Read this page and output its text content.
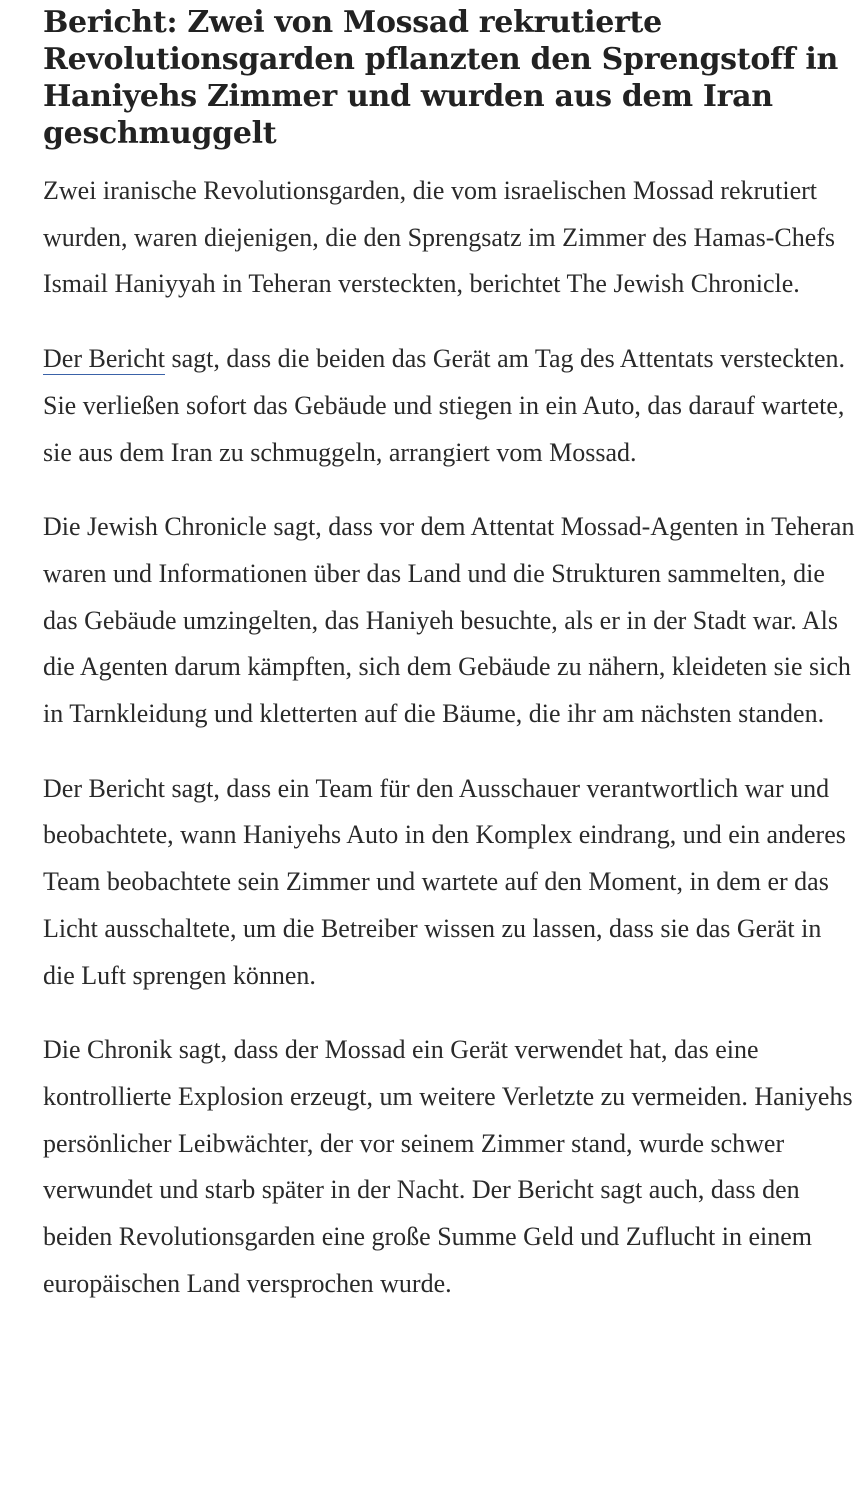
Bericht: Zwei von Mossad rekrutierte Revolutionsgarden pflanzten den Sprengstoff in Haniyehs Zimmer und wurden aus dem Iran geschmuggelt

Zwei iranische Revolutionsgarden, die vom israelischen Mossad rekrutiert wurden, waren diejenigen, die den Sprengsatz im Zimmer des Hamas-Chefs Ismail Haniyyah in Teheran versteckten, berichtet The Jewish Chronicle.

Der Bericht sagt, dass die beiden das Gerät am Tag des Attentats versteckten. Sie verließen sofort das Gebäude und stiegen in ein Auto, das darauf wartete, sie aus dem Iran zu schmuggeln, arrangiert vom Mossad.

Die Jewish Chronicle sagt, dass vor dem Attentat Mossad-Agenten in Teheran waren und Informationen über das Land und die Strukturen sammelten, die das Gebäude umzingelten, das Haniyeh besuchte, als er in der Stadt war. Als die Agenten darum kämpften, sich dem Gebäude zu nähern, kleideten sie sich in Tarnkleidung und kletterten auf die Bäume, die ihr am nächsten standen.

Der Bericht sagt, dass ein Team für den Ausschauer verantwortlich war und beobachtete, wann Haniyehs Auto in den Komplex eindrang, und ein anderes Team beobachtete sein Zimmer und wartete auf den Moment, in dem er das Licht ausschaltete, um die Betreiber wissen zu lassen, dass sie das Gerät in die Luft sprengen können.

Die Chronik sagt, dass der Mossad ein Gerät verwendet hat, das eine kontrollierte Explosion erzeugt, um weitere Verletzte zu vermeiden. Haniyehs persönlicher Leibwächter, der vor seinem Zimmer stand, wurde schwer verwundet und starb später in der Nacht. Der Bericht sagt auch, dass den beiden Revolutionsgarden eine große Summe Geld und Zuflucht in einem europäischen Land versprochen wurde.
